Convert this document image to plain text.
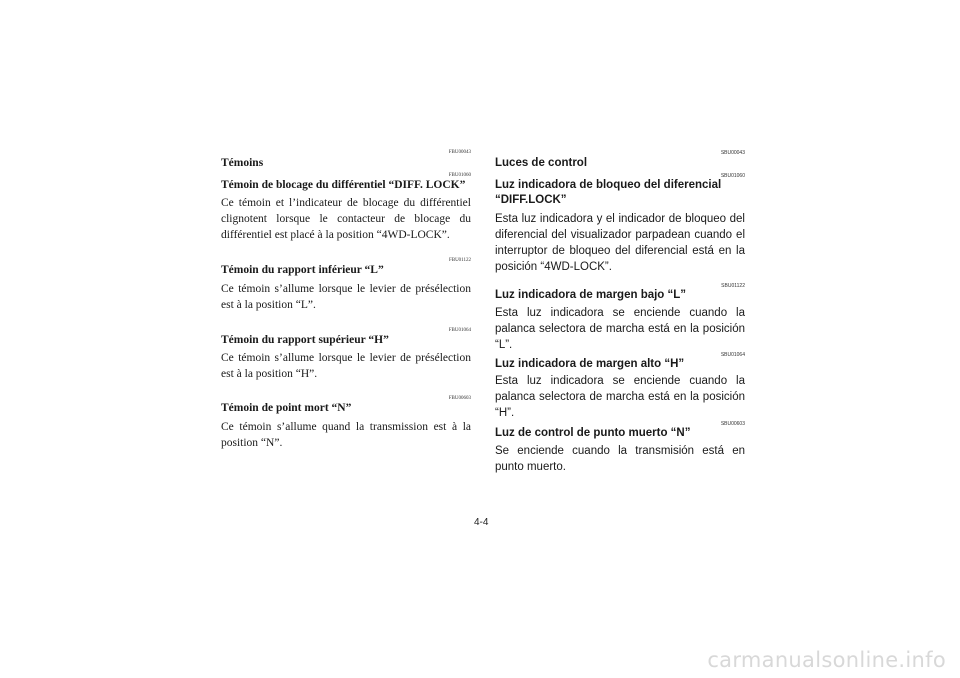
FBU00043
Témoins
FBU01060
Témoin de blocage du différentiel “DIFF. LOCK”
Ce témoin et l’indicateur de blocage du différentiel clignotent lorsque le contacteur de blocage du différentiel est placé à la position “4WD-LOCK”.
FBU01122
Témoin du rapport inférieur “L”
Ce témoin s’allume lorsque le levier de présélection est à la position “L”.
FBU01064
Témoin du rapport supérieur “H”
Ce témoin s’allume lorsque le levier de présélection est à la position “H”.
FBU00603
Témoin de point mort “N”
Ce témoin s’allume quand la transmission est à la position “N”.
SBU00043
Luces de control
SBU01060
Luz indicadora de bloqueo del diferencial “DIFF.LOCK”
Esta luz indicadora y el indicador de bloqueo del diferencial del visualizador parpadean cuando el interruptor de bloqueo del diferencial está en la posición “4WD-LOCK”.
SBU01122
Luz indicadora de margen bajo “L”
Esta luz indicadora se enciende cuando la palanca selectora de marcha está en la posición “L”.
SBU01064
Luz indicadora de margen alto “H”
Esta luz indicadora se enciende cuando la palanca selectora de marcha está en la posición “H”.
SBU00603
Luz de control de punto muerto “N”
Se enciende cuando la transmisión está en punto muerto.
4-4
carmanualsonline.info
